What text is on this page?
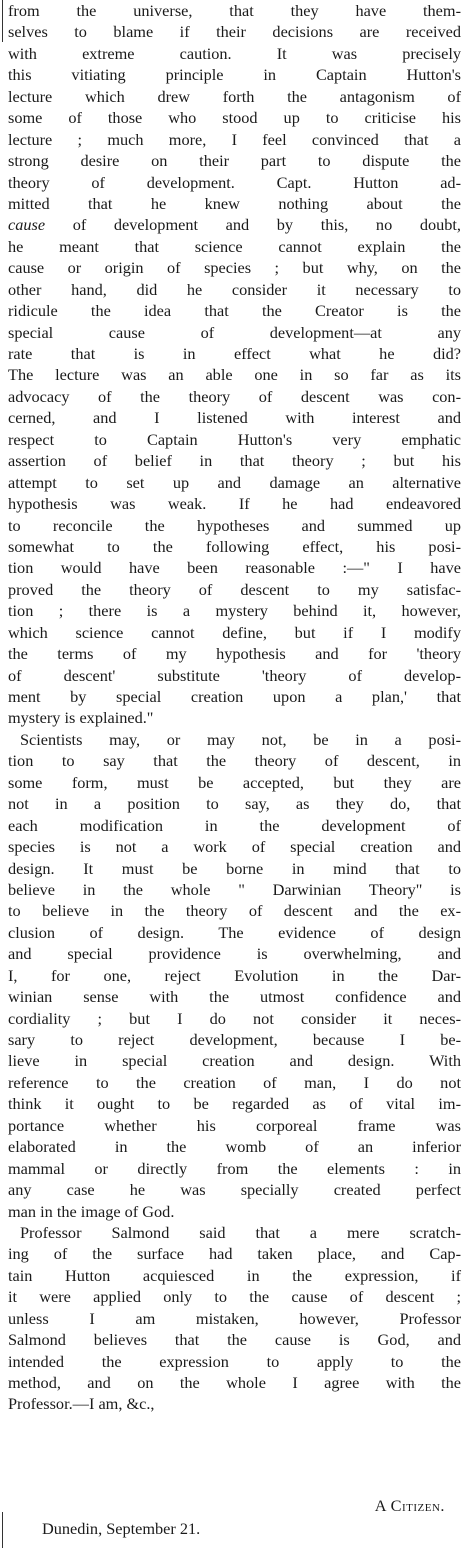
from the universe, that they have them-
selves to blame if their decisions are received
with extreme caution. It was precisely
this vitiating principle in Captain Hutton's
lecture which drew forth the antagonism of
some of those who stood up to criticise his
lecture ; much more, I feel convinced that a
strong desire on their part to dispute the
theory of development. Capt. Hutton ad-
mitted that he knew nothing about the
cause of development and by this, no doubt,
he meant that science cannot explain the
cause or origin of species ; but why, on the
other hand, did he consider it necessary to
ridicule the idea that the Creator is the
special cause of development—at any
rate that is in effect what he did?
The lecture was an able one in so far as its
advocacy of the theory of descent was con-
cerned, and I listened with interest and
respect to Captain Hutton's very emphatic
assertion of belief in that theory ; but his
attempt to set up and damage an alternative
hypothesis was weak. If he had endeavored
to reconcile the hypotheses and summed up
somewhat to the following effect, his posi-
tion would have been reasonable :—" I have
proved the theory of descent to my satisfac-
tion ; there is a mystery behind it, however,
which science cannot define, but if I modify
the terms of my hypothesis and for 'theory
of descent' substitute 'theory of develop-
ment by special creation upon a plan,' that
mystery is explained."
Scientists may, or may not, be in a posi-
tion to say that the theory of descent, in
some form, must be accepted, but they are
not in a position to say, as they do, that
each modification in the development of
species is not a work of special creation and
design. It must be borne in mind that to
believe in the whole " Darwinian Theory" is
to believe in the theory of descent and the ex-
clusion of design. The evidence of design
and special providence is overwhelming, and
I, for one, reject Evolution in the Dar-
winian sense with the utmost confidence and
cordiality ; but I do not consider it neces-
sary to reject development, because I be-
lieve in special creation and design. With
reference to the creation of man, I do not
think it ought to be regarded as of vital im-
portance whether his corporeal frame was
elaborated in the womb of an inferior
mammal or directly from the elements : in
any case he was specially created perfect
man in the image of God.
Professor Salmond said that a mere scratch-
ing of the surface had taken place, and Cap-
tain Hutton acquiesced in the expression, if
it were applied only to the cause of descent ;
unless I am mistaken, however, Professor
Salmond believes that the cause is God, and
intended the expression to apply to the
method, and on the whole I agree with the
Professor.—I am, &c.,
A Citizen.
Dunedin, September 21.
